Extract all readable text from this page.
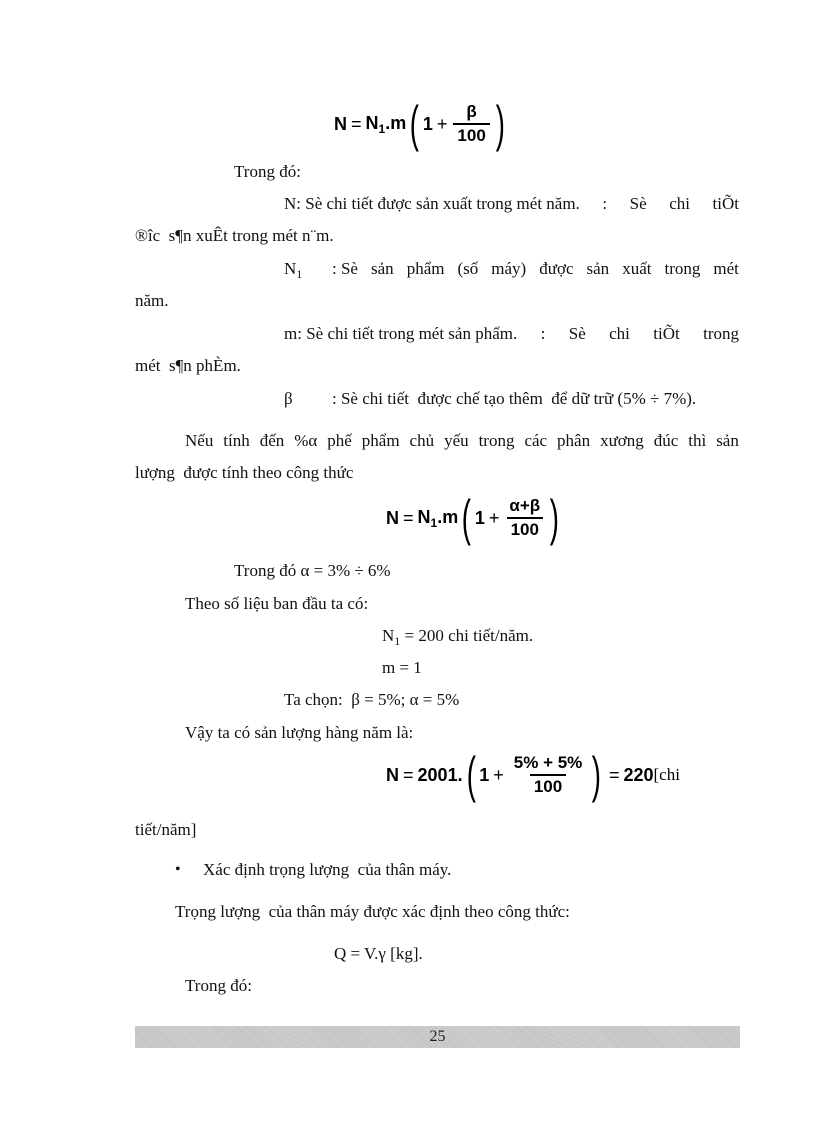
$N = N_1.m$ ( $1 + \frac{\beta}{100}$ )
Trong đó:
N: Sè chi tiết được sản xuất trong mét năm. : Sè chi tiÕt
®îc  s¶n xuÊt trong mét n¨m.
$N_1$ : Sè sản phẩm (số máy) được sản xuất trong mét
năm.
m: Sè chi tiết trong mét sản phẩm. : Sè chi tiÕt trong
mét  s¶n phÈm.
β : Sè chi tiết  được chế tạo thêm  để dữ trữ (5% ÷ 7%).
Nếu tính đến %α phế phẩm chủ yếu trong các phân xương đúc thì sản
lượng  được tính theo công thức
$N = N_1.m$ ( $1 + \frac{\alpha+\beta}{100}$ )
Trong đó α = 3% ÷ 6%
Theo số liệu ban đầu ta có:
$N_1 = 200$ chi tiết/năm.
m = 1
Ta chọn:  β = 5%; α = 5%
Vậy ta có sản lượng hàng năm là:
N = 200 1 . ( $1 + \frac{5\% + 5\%}{100}$ ) = 220 [chi
tiết/năm]
• Xác định trọng lượng  của thân máy.
Trọng lượng  của thân máy được xác định theo công thức:
Q = V.γ [kg].
Trong đó:
25
